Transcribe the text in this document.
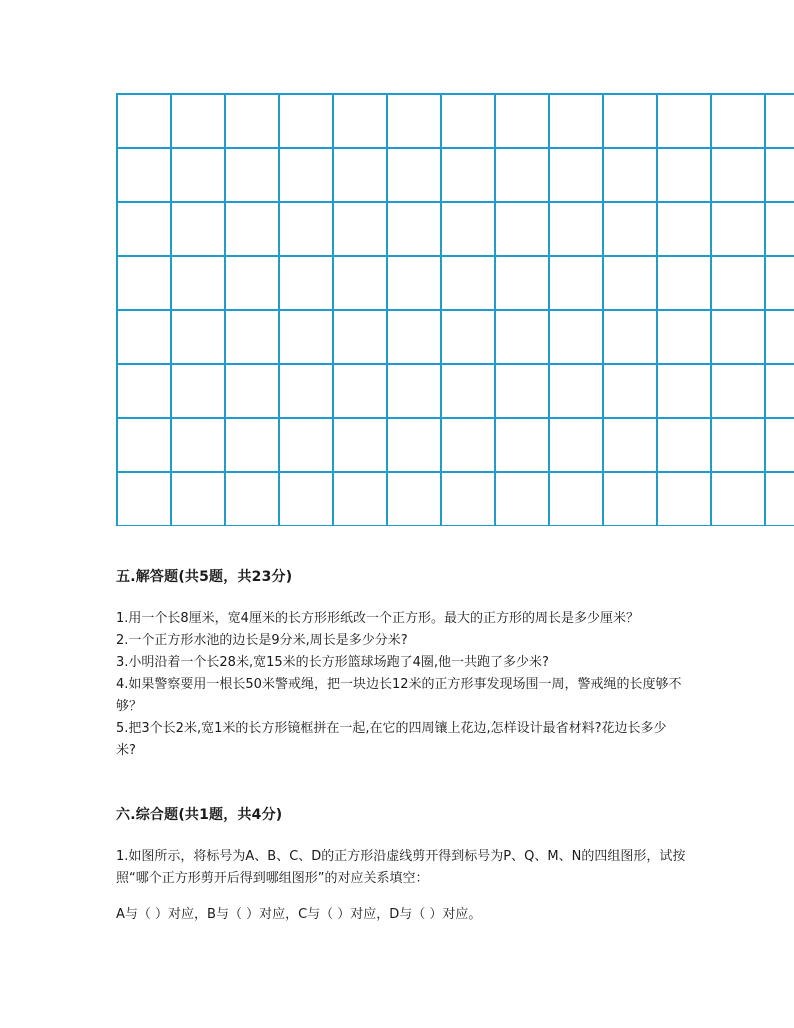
五.解答题(共5题，共23分)

1.用一个长8厘米，宽4厘米的长方形形纸改一个正方形。最大的正方形的周长是多少厘米？

2.一个正方形水池的边长是9分米,周长是多少分米?

3.小明沿着一个长28米,宽15米的长方形篮球场跑了4圈,他一共跑了多少米?

4.如果警察要用一根长50米警戒绳，把一块边长12米的正方形事发现场围一周，警戒绳的长度够不够？

5.把3个长2米,宽1米的长方形镜框拼在一起,在它的四周镶上花边,怎样设计最省材料?花边长多少米?

六.综合题(共1题，共4分)

1.如图所示，将标号为A、B、C、D的正方形沿虚线剪开得到标号为P、Q、M、N的四组图形，试按照“哪个正方形剪开后得到哪组图形”的对应关系填空：

A与（ ）对应，B与（ ）对应，C与（ ）对应，D与（ ）对应。
